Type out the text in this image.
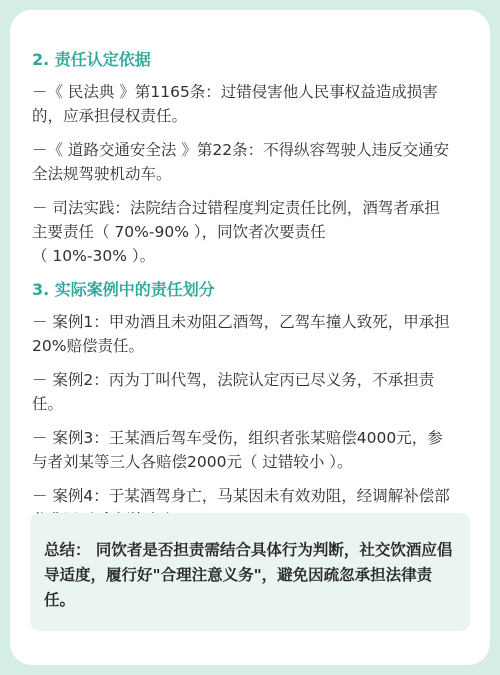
2. 责任认定依据

－《 民法典 》第1165条：过错侵害他人民事权益造成损害
的，应承担侵权责任。

－《 道路交通安全法 》第22条：不得纵容驾驶人违反交通安
全法规驾驶机动车。

－ 司法实践：法院结合过错程度判定责任比例，酒驾者承担
主要责任（ 70%-90% ），同饮者次要责任
（ 10%-30% ）。

3. 实际案例中的责任划分

－ 案例1：甲劝酒且未劝阻乙酒驾，乙驾车撞人致死，甲承担
20%赔偿责任。

－ 案例2：丙为丁叫代驾，法院认定丙已尽义务，不承担责
任。

－ 案例3：王某酒后驾车受伤，组织者张某赔偿4000元，参
与者刘某等三人各赔偿2000元（ 过错较小 ）。

－ 案例4：于某酒驾身亡，马某因未有效劝阻，经调解补偿部

总结： 同饮者是否担责需结合具体行为判断，社交饮酒应倡
导适度，履行好"合理注意义务"，避免因疏忽承担法律责
任。
